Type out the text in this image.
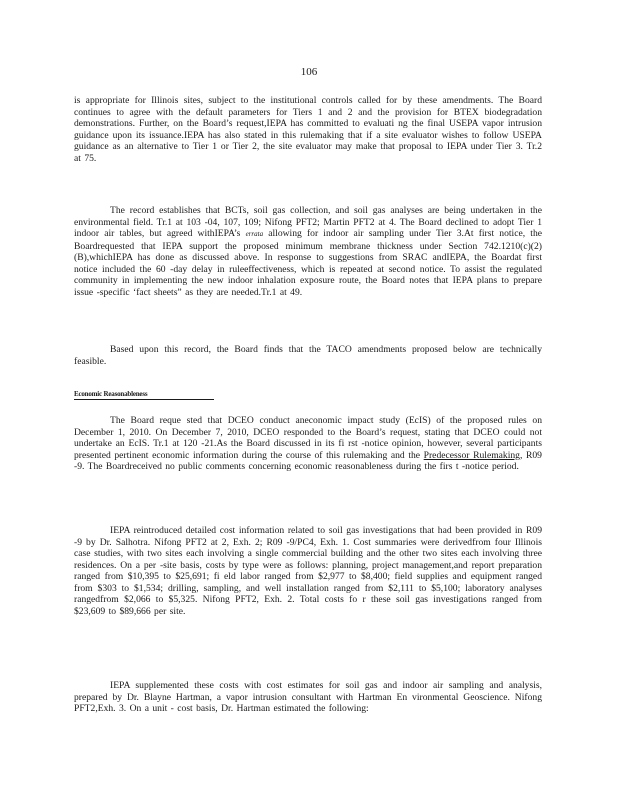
106

is appropriate for Illinois sites, subject to the institutional controls called for by these amendments. The Board continues to agree with the default parameters for Tiers 1 and 2 and the provision for BTEX biodegradation demonstrations. Further, on the Board’s request,IEPA has committed to evaluati ng the final USEPA vapor intrusion guidance upon its issuance.IEPA has also stated in this rulemaking that if a site evaluator wishes to follow USEPA guidance as an alternative to Tier 1 or Tier 2, the site evaluator may make that proposal to IEPA under Tier 3. Tr.2 at 75.

The record establishes that BCTs, soil gas collection, and soil gas analyses are being undertaken in the environmental field. Tr.1 at 103 -04, 107, 109; Nifong PFT2; Martin PFT2 at 4. The Board declined to adopt Tier 1 indoor air tables, but agreed withIEPA’s errata allowing for indoor air sampling under Tier 3.At first notice, the Boardrequested that IEPA support the proposed minimum membrane thickness under Section 742.1210(c)(2)(B),whichIEPA has done as discussed above. In response to suggestions from SRAC andIEPA, the Boardat first notice included the 60 -day delay in ruleeffectiveness, which is repeated at second notice. To assist the regulated community in implementing the new indoor inhalation exposure route, the Board notes that IEPA plans to prepare issue -specific ‘fact sheets” as they are needed.Tr.1 at 49.

Based upon this record, the Board finds that the TACO amendments proposed below are technically feasible.

Economic Reasonableness

The Board reque sted that DCEO conduct aneconomic impact study (EcIS) of the proposed rules on December 1, 2010. On December 7, 2010, DCEO responded to the Board’s request, stating that DCEO could not undertake an EcIS. Tr.1 at 120 -21.As the Board discussed in its fi rst -notice opinion, however, several participants presented pertinent economic information during the course of this rulemaking and the Predecessor Rulemaking, R09 -9. The Boardreceived no public comments concerning economic reasonableness during the firs t -notice period.

IEPA reintroduced detailed cost information related to soil gas investigations that had been provided in R09 -9 by Dr. Salhotra. Nifong PFT2 at 2, Exh. 2; R09 -9/PC4, Exh. 1. Cost summaries were derivedfrom four Illinois case studies, with two sites each involving a single commercial building and the other two sites each involving three residences. On a per -site basis, costs by type were as follows: planning, project management,and report preparation ranged from $10,395 to $25,691; fi eld labor ranged from $2,977 to $8,400; field supplies and equipment ranged from $303 to $1,534; drilling, sampling, and well installation ranged from $2,111 to $5,100; laboratory analyses rangedfrom $2,066 to $5,325. Nifong PFT2, Exh. 2. Total costs fo r these soil gas investigations ranged from $23,609 to $89,666 per site.

IEPA supplemented these costs with cost estimates for soil gas and indoor air sampling and analysis, prepared by Dr. Blayne Hartman, a vapor intrusion consultant with Hartman En vironmental Geoscience. Nifong PFT2,Exh. 3. On a unit - cost basis, Dr. Hartman estimated the following:
